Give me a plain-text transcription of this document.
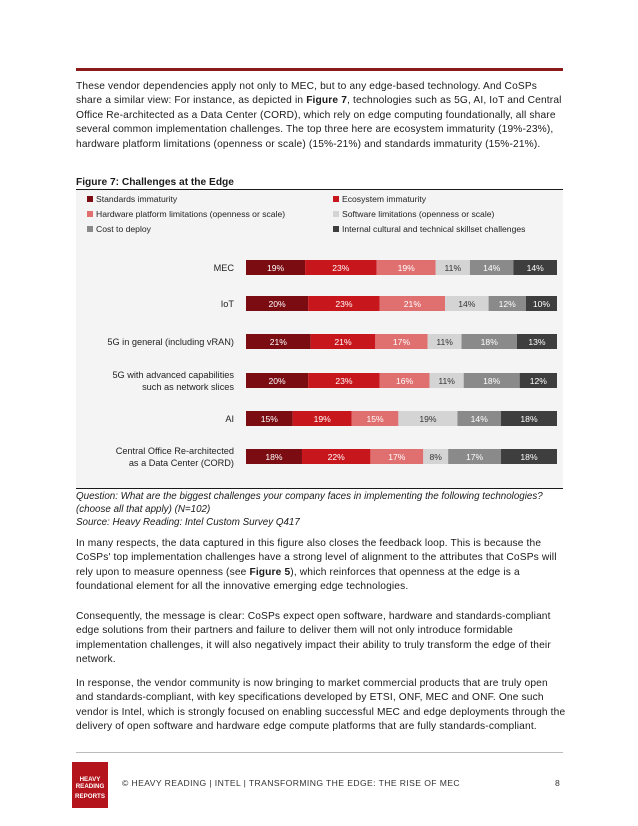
These vendor dependencies apply not only to MEC, but to any edge-based technology. And CoSPs share a similar view: For instance, as depicted in Figure 7, technologies such as 5G, AI, IoT and Central Office Re-architected as a Data Center (CORD), which rely on edge computing foundationally, all share several common implementation challenges. The top three here are ecosystem immaturity (19%-23%), hardware platform limitations (openness or scale) (15%-21%) and standards immaturity (15%-21%).

Figure 7: Challenges at the Edge
Standards immaturity	Ecosystem immaturity
Hardware platform limitations (openness or scale)	Software limitations (openness or scale)
Cost to deploy	Internal cultural and technical skillset challenges
19%	23%	19%	11%	14%	14%
MEC
20%	23%	21%	14%	12% 10%
IoT
21%	21%	17%	11%	18%	13%
5G in general (including vRAN)
20%	23%	16%	11%	18%	12%
5G with advanced capabilities
such as network slices
15%	19%	15%	19%	14%	18%
AI
18%	22%	17%	8%	17%	18%
Central Office Re-architected
as a Data Center (CORD)
Question: What are the biggest challenges your company faces in implementing the following technologies? (choose all that apply) (N=102)
Source: Heavy Reading: Intel Custom Survey Q417

In many respects, the data captured in this figure also closes the feedback loop. This is because the CoSPs' top implementation challenges have a strong level of alignment to the attributes that CoSPs will rely upon to measure openness (see Figure 5), which reinforces that openness at the edge is a foundational element for all the innovative emerging edge technologies.

Consequently, the message is clear: CoSPs expect open software, hardware and standards-compliant edge solutions from their partners and failure to deliver them will not only introduce formidable implementation challenges, it will also negatively impact their ability to truly transform the edge of their network.

In response, the vendor community is now bringing to market commercial products that are truly open and standards-compliant, with key specifications developed by ETSI, ONF, MEC and ONF. One such vendor is Intel, which is strongly focused on enabling successful MEC and edge deployments through the delivery of open software and hardware edge compute platforms that are fully standards-compliant.

HEAVY
READING
REPORTS
© HEAVY READING | INTEL | TRANSFORMING THE EDGE: THE RISE OF MEC	8
